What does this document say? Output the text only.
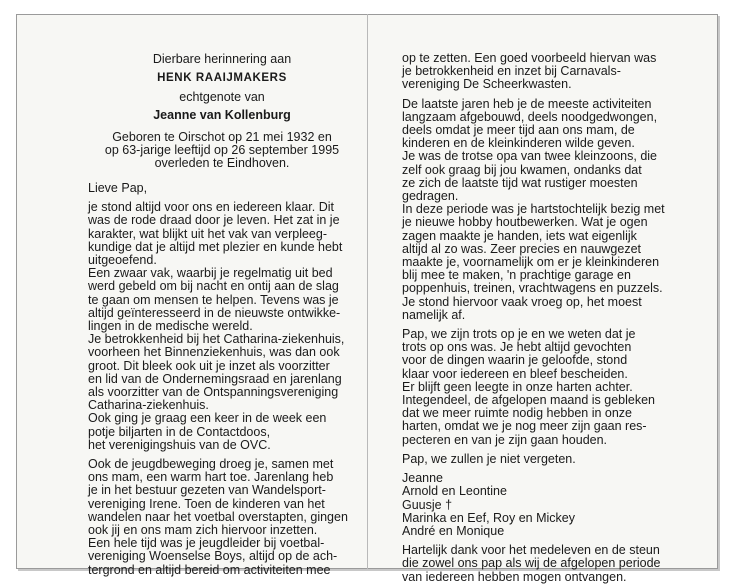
Dierbare herinnering aan
HENK RAAIJMAKERS
echtgenote van
Jeanne van Kollenburg
Geboren te Oirschot op 21 mei 1932 en
op 63-jarige leeftijd op 26 september 1995
overleden te Eindhoven.
Lieve Pap,
je stond altijd voor ons en iedereen klaar. Dit
was de rode draad door je leven. Het zat in je
karakter, wat blijkt uit het vak van verpleeg-
kundige dat je altijd met plezier en kunde hebt
uitgeoefend.
Een zwaar vak, waarbij je regelmatig uit bed
werd gebeld om bij nacht en ontij aan de slag
te gaan om mensen te helpen. Tevens was je
altijd geïnteresseerd in de nieuwste ontwikke-
lingen in de medische wereld.
Je betrokkenheid bij het Catharina-ziekenhuis,
voorheen het Binnenziekenhuis, was dan ook
groot. Dit bleek ook uit je inzet als voorzitter
en lid van de Ondernemingsraad en jarenlang
als voorzitter van de Ontspanningsvereniging
Catharina-ziekenhuis.
Ook ging je graag een keer in de week een
potje biljarten in de Contactdoos,
het verenigingshuis van de OVC.
Ook de jeugdbeweging droeg je, samen met
ons mam, een warm hart toe. Jarenlang heb
je in het bestuur gezeten van Wandelsport-
vereniging Irene. Toen de kinderen van het
wandelen naar het voetbal overstapten, gingen
ook jij en ons mam zich hiervoor inzetten.
Een hele tijd was je jeugdleider bij voetbal-
vereniging Woenselse Boys, altijd op de ach-
tergrond en altijd bereid om activiteiten mee
op te zetten. Een goed voorbeeld hiervan was
je betrokkenheid en inzet bij Carnavals-
vereniging De Scheerkwasten.
De laatste jaren heb je de meeste activiteiten
langzaam afgebouwd, deels noodgedwongen,
deels omdat je meer tijd aan ons mam, de
kinderen en de kleinkinderen wilde geven.
Je was de trotse opa van twee kleinzoons, die
zelf ook graag bij jou kwamen, ondanks dat
ze zich de laatste tijd wat rustiger moesten
gedragen.
In deze periode was je hartstochtelijk bezig met
je nieuwe hobby houtbewerken. Wat je ogen
zagen maakte je handen, iets wat eigenlijk
altijd al zo was. Zeer precies en nauwgezet
maakte je, voornamelijk om er je kleinkinderen
blij mee te maken, 'n prachtige garage en
poppenhuis, treinen, vrachtwagens en puzzels.
Je stond hiervoor vaak vroeg op, het moest
namelijk af.
Pap, we zijn trots op je en we weten dat je
trots op ons was. Je hebt altijd gevochten
voor de dingen waarin je geloofde, stond
klaar voor iedereen en bleef bescheiden.
Er blijft geen leegte in onze harten achter.
Integendeel, de afgelopen maand is gebleken
dat we meer ruimte nodig hebben in onze
harten, omdat we je nog meer zijn gaan res-
pecteren en van je zijn gaan houden.
Pap, we zullen je niet vergeten.
Jeanne
Arnold en Leontine
Guusje †
Marinka en Eef, Roy en Mickey
André en Monique
Hartelijk dank voor het medeleven en de steun
die zowel ons pap als wij de afgelopen periode
van iedereen hebben mogen ontvangen.
